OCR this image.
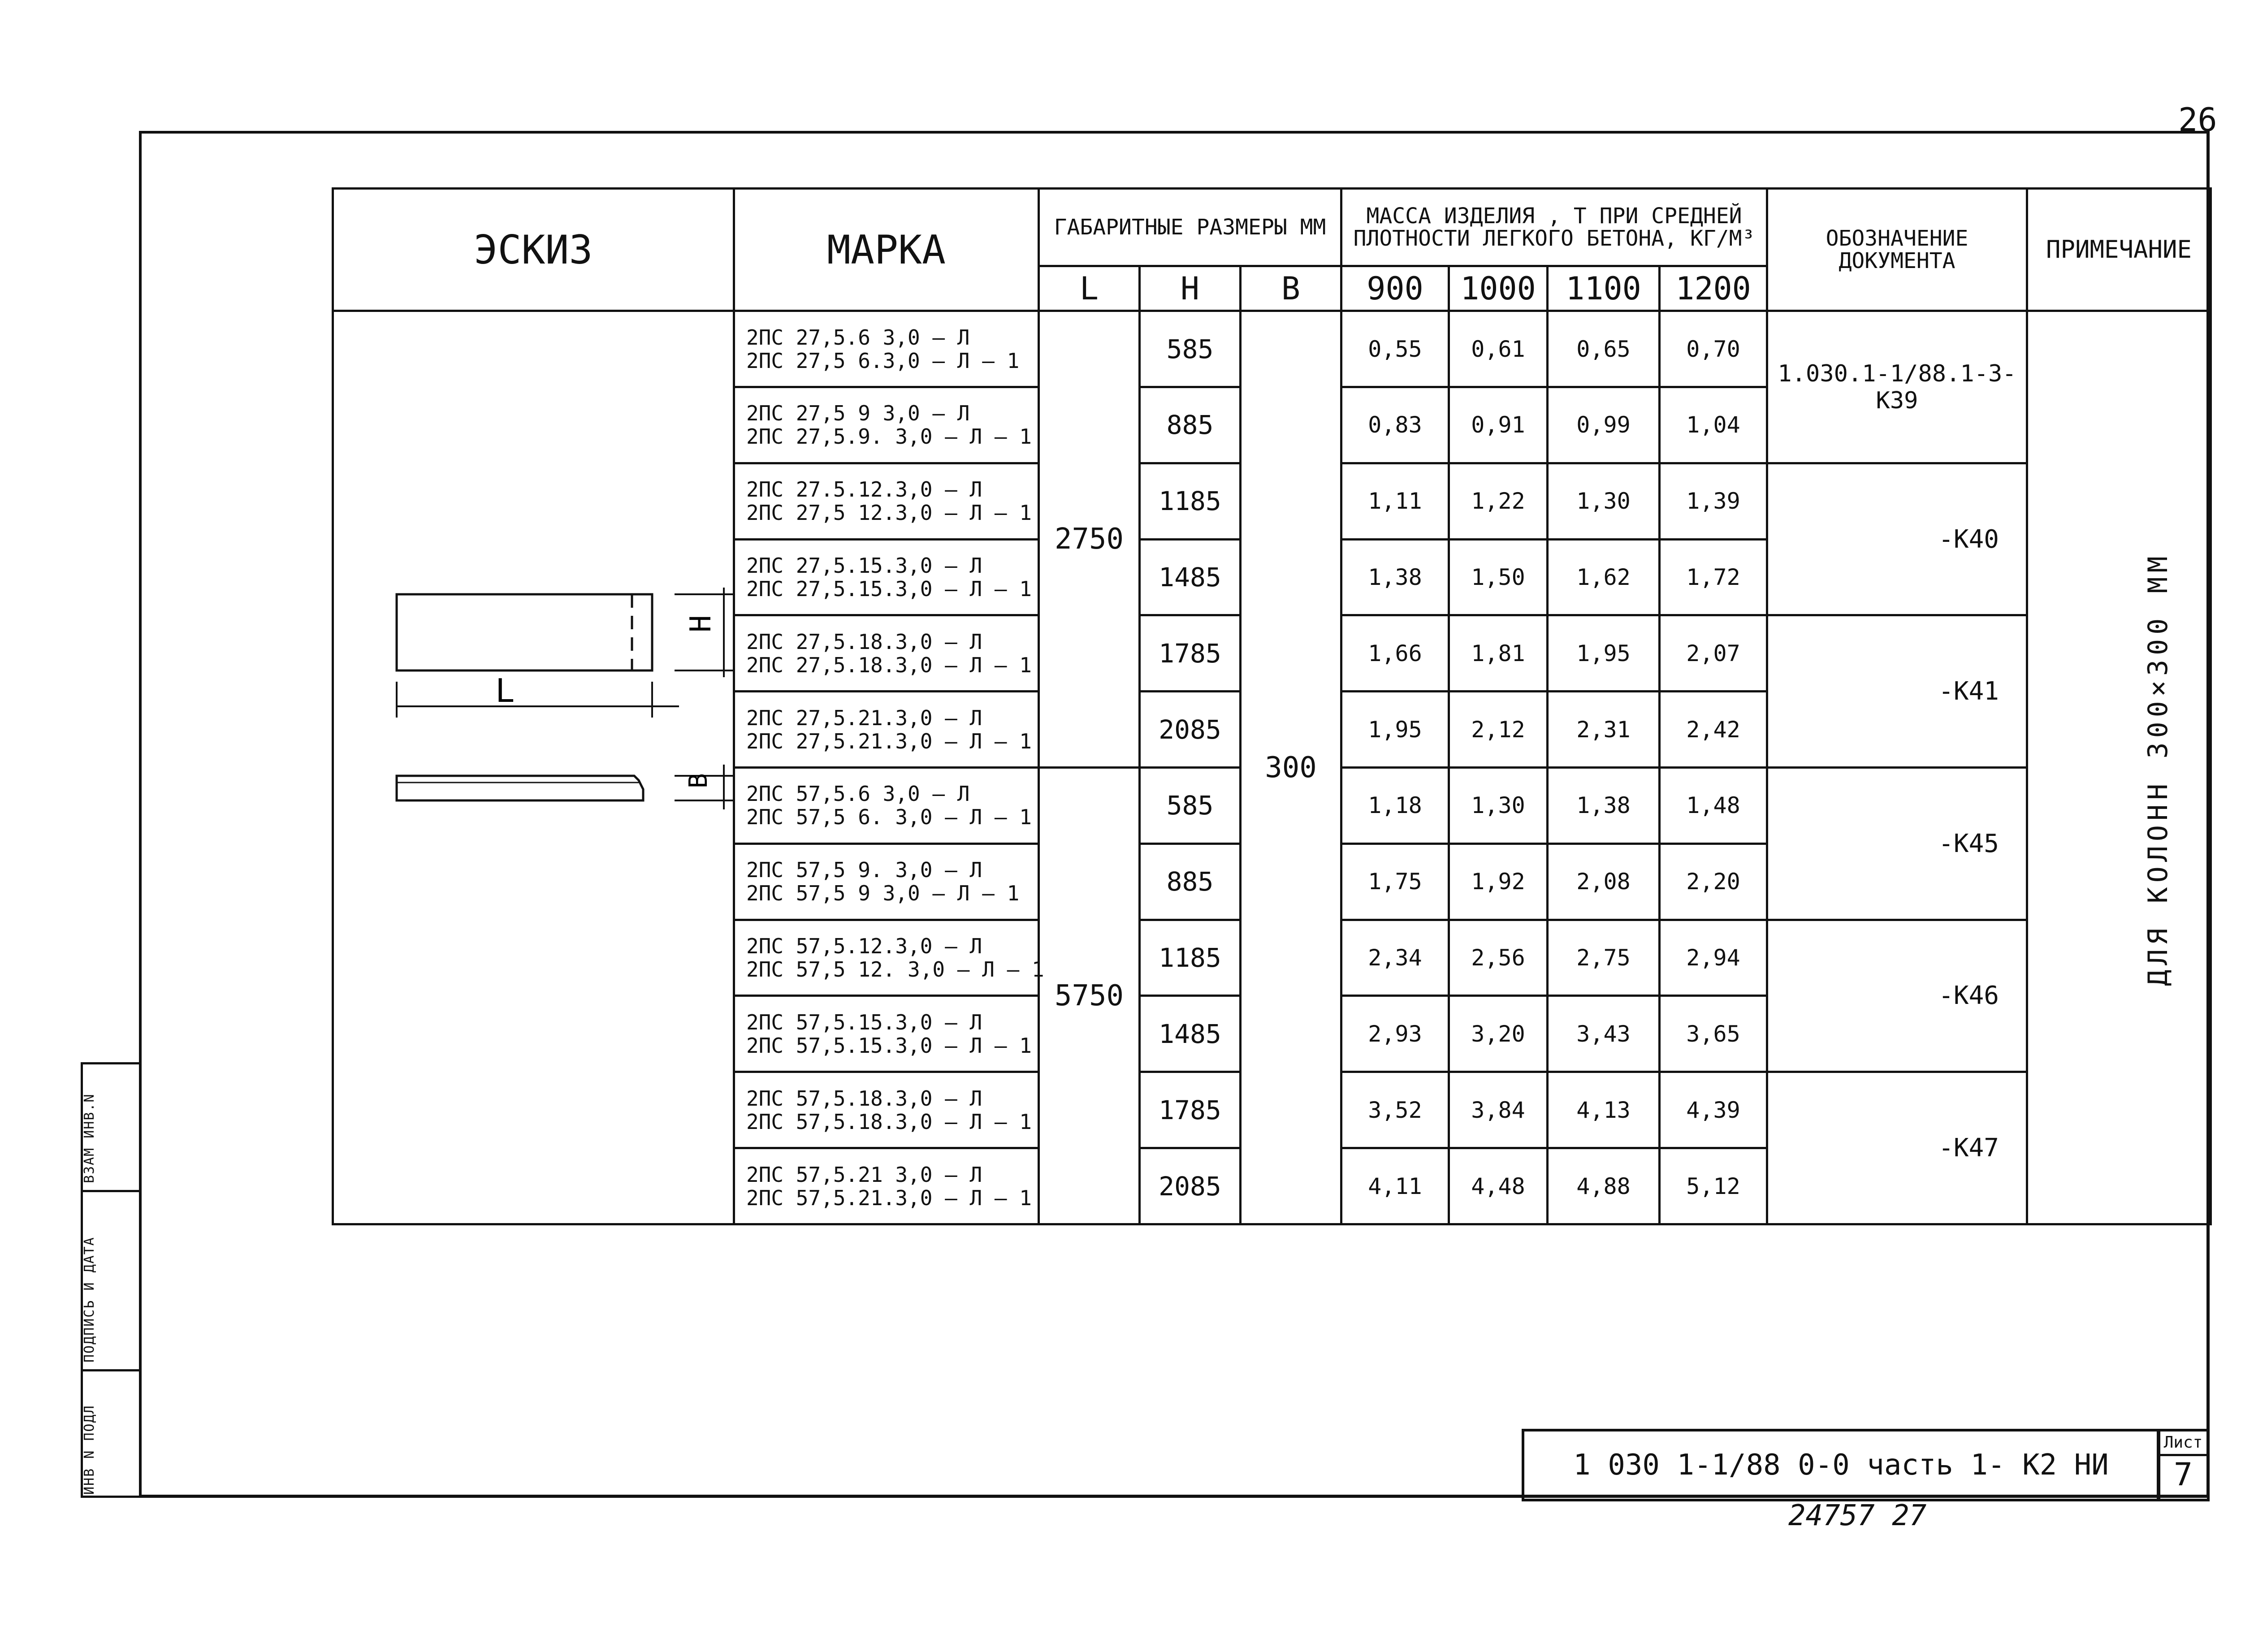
26
ЭСКИЗ	МАРКА	ГАБАРИТНЫЕ РАЗМЕРЫ ММ			МАССА ИЗДЕЛИЯ , Т ПРИ СРЕДНЕЙ ПЛОТНОСТИ ЛЕГКОГО БЕТОНА, КГ/М³				ОБОЗНАЧЕНИЕ ДОКУМЕНТА	ПРИМЕЧАНИЕ
		L	H	B	900	1000	1100	1200		

L
H
B	2ПС 27,5.6 3,0 — Л
2ПС 27,5 6.3,0 — Л — 1	2750	585	300	0,55	0,61	0,65	0,70	1.030.1-1/88.1-3-К39	
	2ПС 27,5 9 3,0 — Л
2ПС 27,5.9. 3,0 — Л — 1		885		0,83	0,91	0,99	1,04		
	2ПС 27.5.12.3,0 — Л
2ПС 27,5 12.3,0 — Л — 1		1185		1,11	1,22	1,30	1,39	-К40	
	2ПС 27,5.15.3,0 — Л
2ПС 27,5.15.3,0 — Л — 1		1485		1,38	1,50	1,62	1,72		
	2ПС 27,5.18.3,0 — Л
2ПС 27,5.18.3,0 — Л — 1		1785		1,66	1,81	1,95	2,07	-К41	
	2ПС 27,5.21.3,0 — Л
2ПС 27,5.21.3,0 — Л — 1		2085		1,95	2,12	2,31	2,42		
	2ПС 57,5.6 3,0 — Л
2ПС 57,5 6. 3,0 — Л — 1	5750	585		1,18	1,30	1,38	1,48	-К45	
	2ПС 57,5 9. 3,0 — Л
2ПС 57,5 9 3,0 — Л — 1		885		1,75	1,92	2,08	2,20		
	2ПС 57,5.12.3,0 — Л
2ПС 57,5 12. 3,0 — Л — 1		1185		2,34	2,56	2,75	2,94	-К46	
	2ПС 57,5.15.3,0 — Л
2ПС 57,5.15.3,0 — Л — 1		1485		2,93	3,20	3,43	3,65		
	2ПС 57,5.18.3,0 — Л
2ПС 57,5.18.3,0 — Л — 1		1785		3,52	3,84	4,13	4,39	-К47	
	2ПС 57,5.21 3,0 — Л
2ПС 57,5.21.3,0 — Л — 1		2085		4,11	4,48	4,88	5,12		
ДЛЯ КОЛОНН 300×300 ММ
ВЗАМ ИНВ.N
ПОДПИСЬ И ДАТА
ИНВ N ПОДЛ	1 030 1-1/88 0-0 часть 1- К2 НИ
Лист
7
24757 27
